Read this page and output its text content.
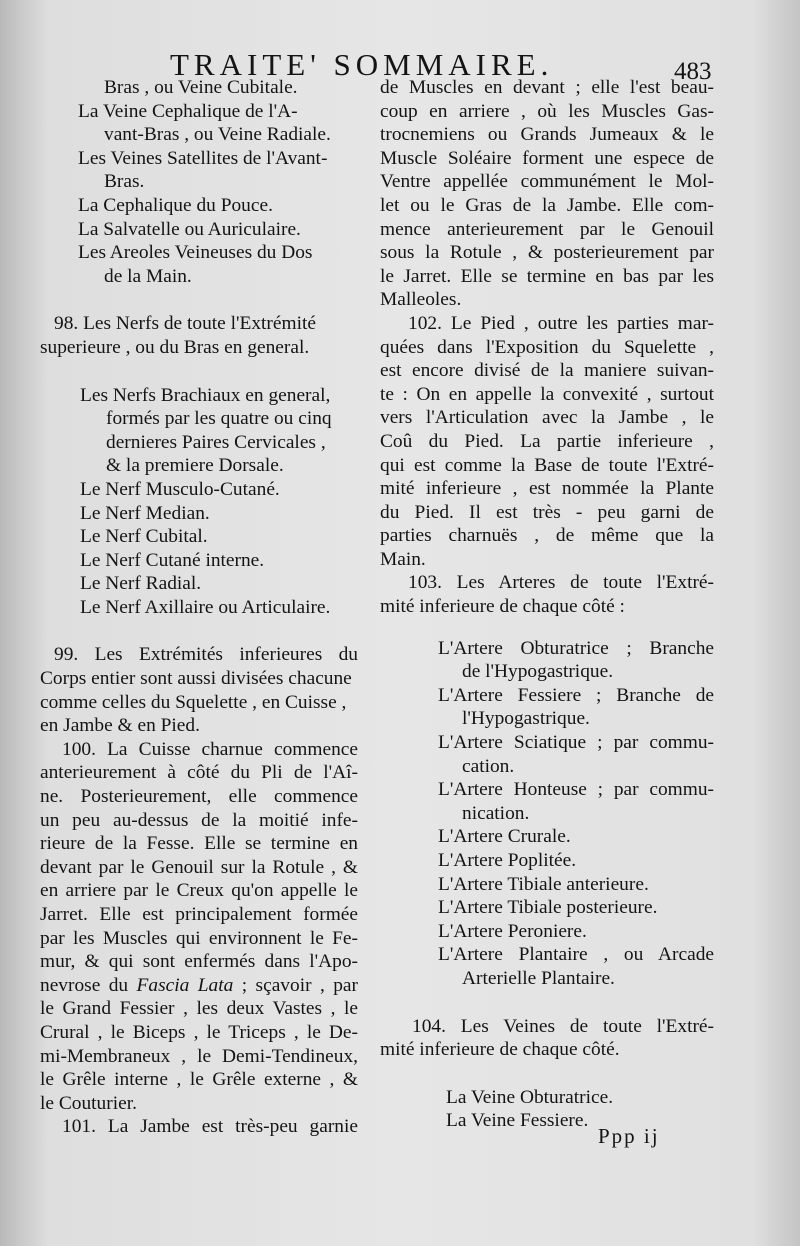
TRAITE' SOMMAIRE.	483
Bras , ou Veine Cubitale.
La Veine Cephalique de l'A-
vant-Bras , ou Veine Radiale.
Les Veines Satellites de l'Avant-
Bras.
La Cephalique du Pouce.
La Salvatelle ou Auriculaire.
Les Areoles Veineuses du Dos
de la Main.
98. Les Nerfs de toute l'Extrémité
superieure , ou du Bras en general.
Les Nerfs Brachiaux en general,
formés par les quatre ou cinq
dernieres Paires Cervicales ,
& la premiere Dorsale.
Le Nerf Musculo-Cutané.
Le Nerf Median.
Le Nerf Cubital.
Le Nerf Cutané interne.
Le Nerf Radial.
Le Nerf Axillaire ou Articulaire.
99. Les Extrémités inferieures du
Corps entier sont aussi divisées chacune
comme celles du Squelette , en Cuisse ,
en Jambe & en Pied.
100. La Cuisse charnue commence
anterieurement à côté du Pli de l'Aî-
ne. Posterieurement, elle commence
un peu au-dessus de la moitié infe-
rieure de la Fesse. Elle se termine en
devant par le Genouil sur la Rotule , &
en arriere par le Creux qu'on appelle le
Jarret. Elle est principalement formée
par les Muscles qui environnent le Fe-
mur, & qui sont enfermés dans l'Apo-
nevrose du Fascia Lata ; sçavoir , par
le Grand Fessier , les deux Vastes , le
Crural , le Biceps , le Triceps , le De-
mi-Membraneux , le Demi-Tendineux,
le Grêle interne , le Grêle externe , &
le Couturier.
101. La Jambe est très-peu garnie
de Muscles en devant ; elle l'est beau-
coup en arriere , où les Muscles Gas-
trocnemiens ou Grands Jumeaux & le
Muscle Soléaire forment une espece de
Ventre appellée communément le Mol-
let ou le Gras de la Jambe. Elle com-
mence anterieurement par le Genouil
sous la Rotule , & posterieurement par
le Jarret. Elle se termine en bas par les
Malleoles.
102. Le Pied , outre les parties mar-
quées dans l'Exposition du Squelette ,
est encore divisé de la maniere suivan-
te : On en appelle la convexité , surtout
vers l'Articulation avec la Jambe , le
Coû du Pied. La partie inferieure ,
qui est comme la Base de toute l'Extré-
mité inferieure , est nommée la Plante
du Pied. Il est très - peu garni de
parties charnuës , de même que la
Main.
103. Les Arteres de toute l'Extré-
mité inferieure de chaque côté :
L'Artere Obturatrice ; Branche
de l'Hypogastrique.
L'Artere Fessiere ; Branche de
l'Hypogastrique.
L'Artere Sciatique ; par commu-
cation.
L'Artere Honteuse ; par commu-
nication.
L'Artere Crurale.
L'Artere Poplitée.
L'Artere Tibiale anterieure.
L'Artere Tibiale posterieure.
L'Artere Peroniere.
L'Artere Plantaire , ou Arcade
Arterielle Plantaire.
104. Les Veines de toute l'Extré-
mité inferieure de chaque côté.
La Veine Obturatrice.
La Veine Fessiere.
Ppp ij
